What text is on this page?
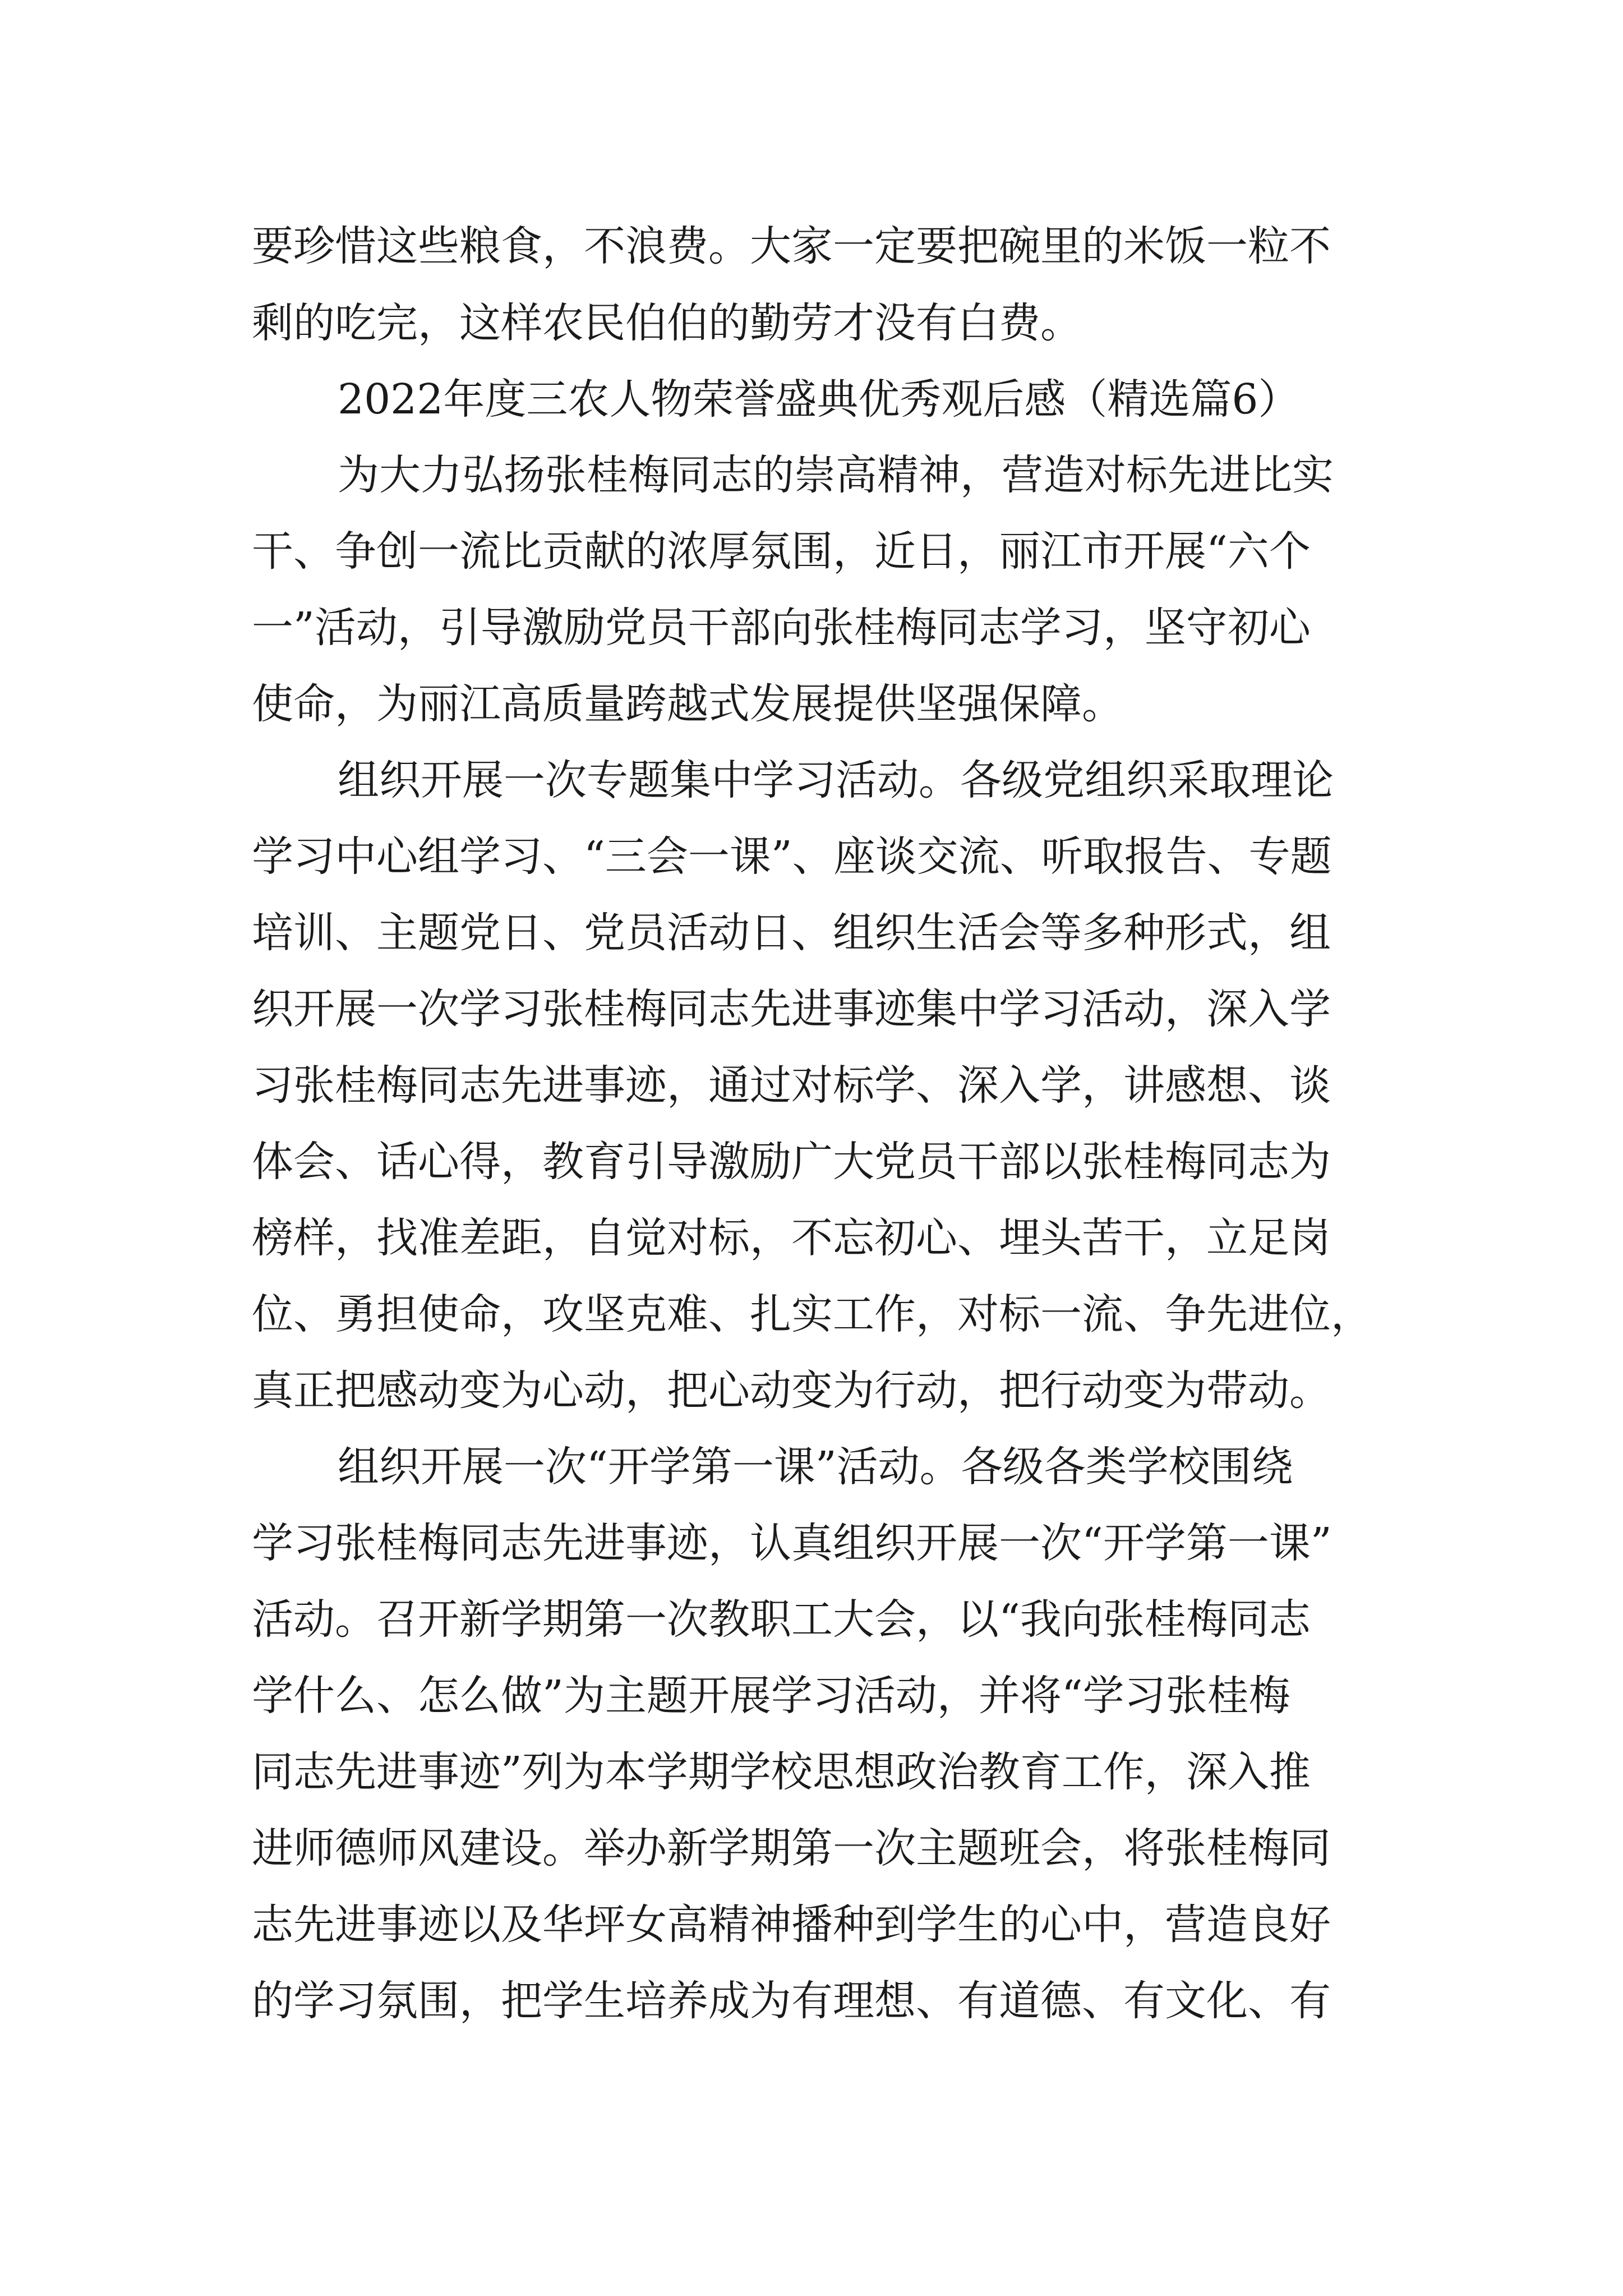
要珍惜这些粮食，不浪费。大家一定要把碗里的米饭一粒不
剩的吃完，这样农民伯伯的勤劳才没有白费。
2022年度三农人物荣誉盛典优秀观后感（精选篇6）
为大力弘扬张桂梅同志的崇高精神，营造对标先进比实
干、争创一流比贡献的浓厚氛围，近日，丽江市开展“六个
一”活动，引导激励党员干部向张桂梅同志学习，坚守初心
使命，为丽江高质量跨越式发展提供坚强保障。
组织开展一次专题集中学习活动。各级党组织采取理论
学习中心组学习、“三会一课”、座谈交流、听取报告、专题
培训、主题党日、党员活动日、组织生活会等多种形式，组
织开展一次学习张桂梅同志先进事迹集中学习活动，深入学
习张桂梅同志先进事迹，通过对标学、深入学，讲感想、谈
体会、话心得，教育引导激励广大党员干部以张桂梅同志为
榜样，找准差距，自觉对标，不忘初心、埋头苦干，立足岗
位、勇担使命，攻坚克难、扎实工作，对标一流、争先进位，
真正把感动变为心动，把心动变为行动，把行动变为带动。
组织开展一次“开学第一课”活动。各级各类学校围绕
学习张桂梅同志先进事迹，认真组织开展一次“开学第一课”
活动。召开新学期第一次教职工大会，以“我向张桂梅同志
学什么、怎么做”为主题开展学习活动，并将“学习张桂梅
同志先进事迹”列为本学期学校思想政治教育工作，深入推
进师德师风建设。举办新学期第一次主题班会，将张桂梅同
志先进事迹以及华坪女高精神播种到学生的心中，营造良好
的学习氛围，把学生培养成为有理想、有道德、有文化、有
